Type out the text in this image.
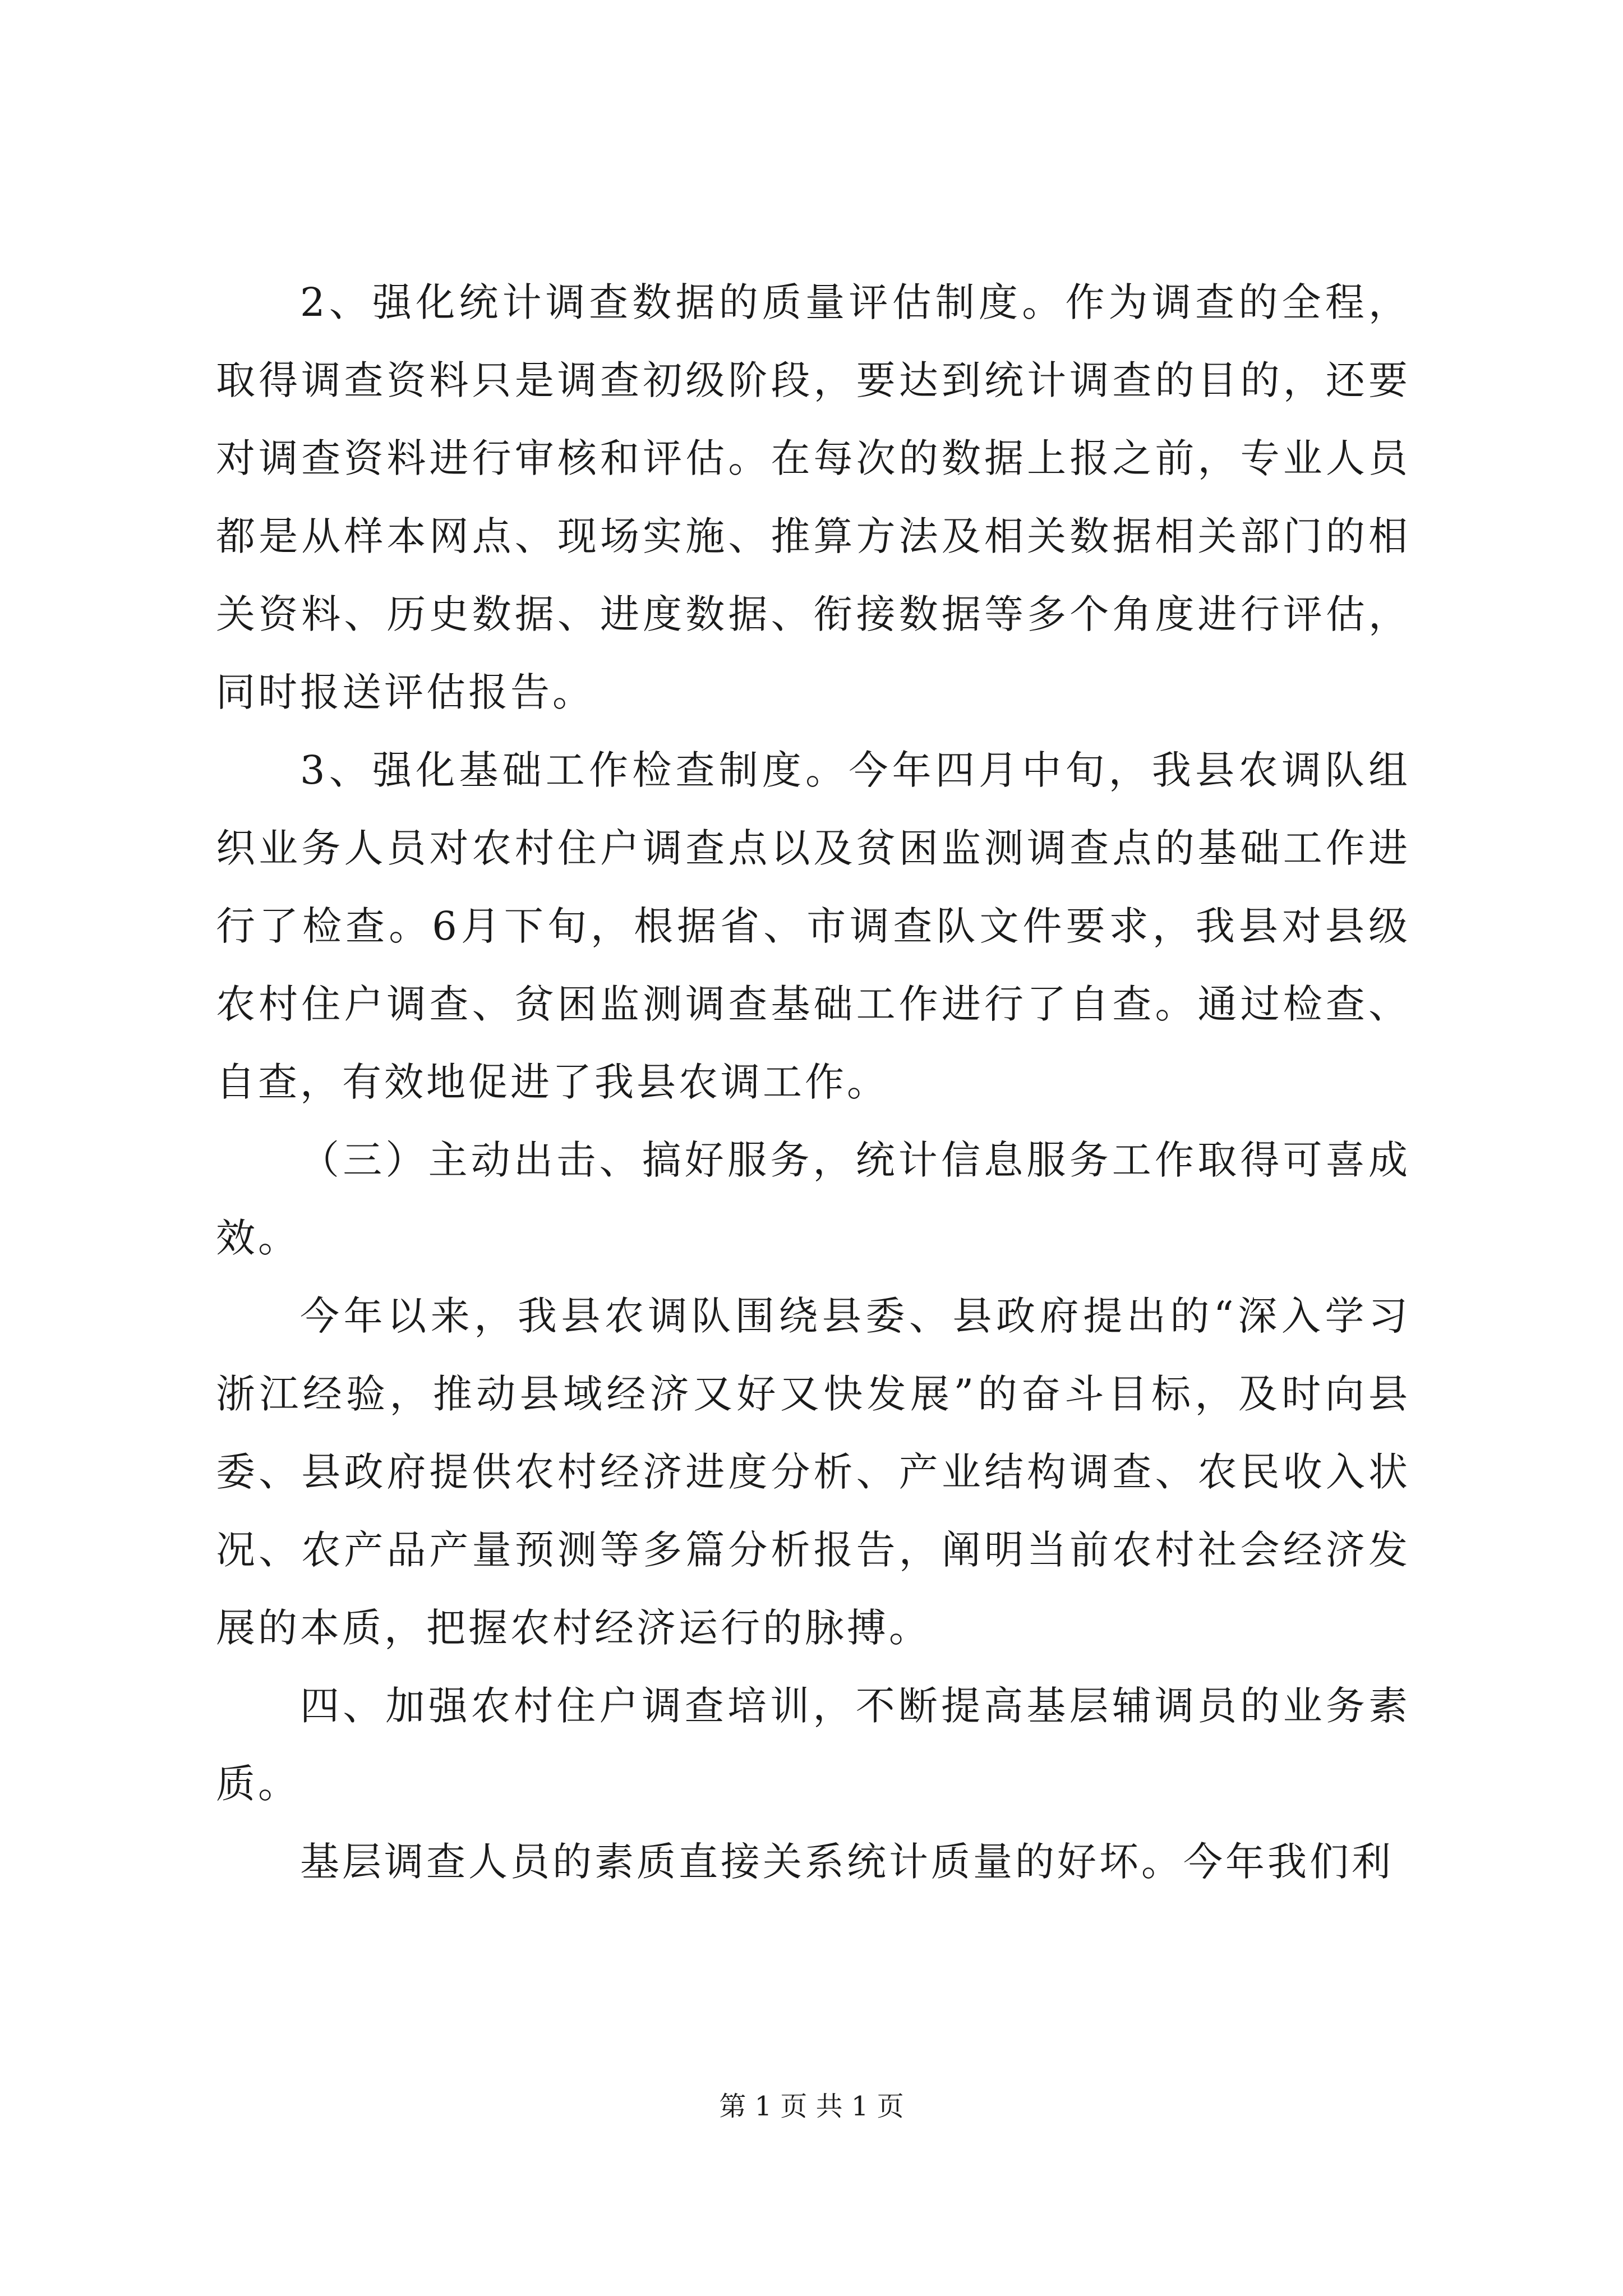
2、强化统计调查数据的质量评估制度。作为调查的全程，取得调查资料只是调查初级阶段，要达到统计调查的目的，还要对调查资料进行审核和评估。在每次的数据上报之前，专业人员都是从样本网点、现场实施、推算方法及相关数据相关部门的相关资料、历史数据、进度数据、衔接数据等多个角度进行评估，同时报送评估报告。

3、强化基础工作检查制度。今年四月中旬，我县农调队组织业务人员对农村住户调查点以及贫困监测调查点的基础工作进行了检查。6月下旬，根据省、市调查队文件要求，我县对县级农村住户调查、贫困监测调查基础工作进行了自查。通过检查、自查，有效地促进了我县农调工作。

（三）主动出击、搞好服务，统计信息服务工作取得可喜成效。

今年以来，我县农调队围绕县委、县政府提出的“深入学习浙江经验，推动县域经济又好又快发展”的奋斗目标，及时向县委、县政府提供农村经济进度分析、产业结构调查、农民收入状况、农产品产量预测等多篇分析报告，阐明当前农村社会经济发展的本质，把握农村经济运行的脉搏。

四、加强农村住户调查培训，不断提高基层辅调员的业务素质。

基层调查人员的素质直接关系统计质量的好坏。今年我们利

第 1 页 共 1 页
